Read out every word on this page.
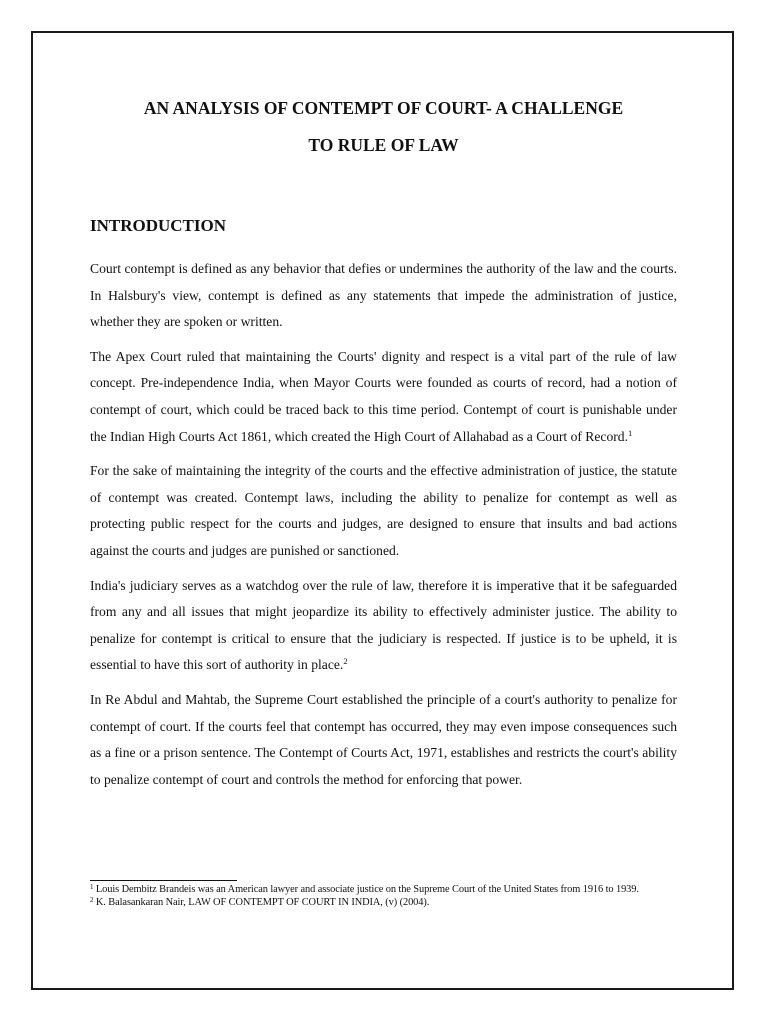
AN ANALYSIS OF CONTEMPT OF COURT- A CHALLENGE
TO RULE OF LAW
INTRODUCTION

Court contempt is defined as any behavior that defies or undermines the authority of the law and the courts. In Halsbury's view, contempt is defined as any statements that impede the administration of justice, whether they are spoken or written.

The Apex Court ruled that maintaining the Courts' dignity and respect is a vital part of the rule of law concept. Pre-independence India, when Mayor Courts were founded as courts of record, had a notion of contempt of court, which could be traced back to this time period. Contempt of court is punishable under the Indian High Courts Act 1861, which created the High Court of Allahabad as a Court of Record.$^1$

For the sake of maintaining the integrity of the courts and the effective administration of justice, the statute of contempt was created. Contempt laws, including the ability to penalize for contempt as well as protecting public respect for the courts and judges, are designed to ensure that insults and bad actions against the courts and judges are punished or sanctioned.

India's judiciary serves as a watchdog over the rule of law, therefore it is imperative that it be safeguarded from any and all issues that might jeopardize its ability to effectively administer justice. The ability to penalize for contempt is critical to ensure that the judiciary is respected. If justice is to be upheld, it is essential to have this sort of authority in place.$^2$

In Re Abdul and Mahtab, the Supreme Court established the principle of a court's authority to penalize for contempt of court. If the courts feel that contempt has occurred, they may even impose consequences such as a fine or a prison sentence. The Contempt of Courts Act, 1971, establishes and restricts the court's ability to penalize contempt of court and controls the method for enforcing that power.

$^1$ Louis Dembitz Brandeis was an American lawyer and associate justice on the Supreme Court of the United States from 1916 to 1939.

$^2$ K. Balasankaran Nair, LAW OF CONTEMPT OF COURT IN INDIA, (v) (2004).
